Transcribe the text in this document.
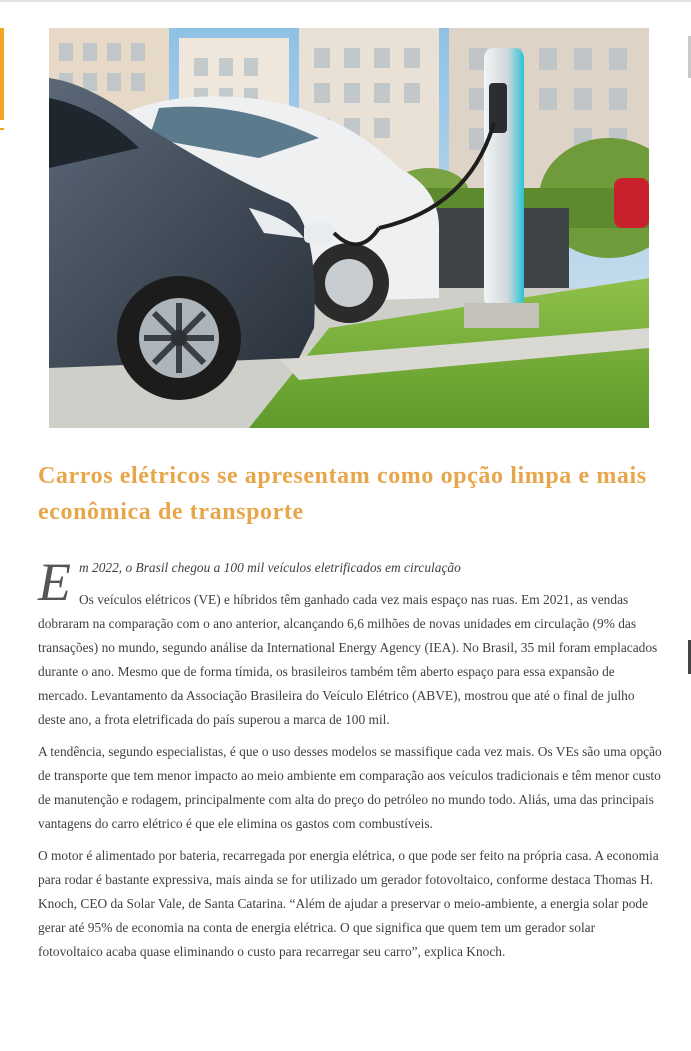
Carros elétricos se apresentam como opção limpa e mais econômica de transporte
E m 2022, o Brasil chegou a 100 mil veículos eletrificados em circulação

Os veículos elétricos (VE) e híbridos têm ganhado cada vez mais espaço nas ruas. Em 2021, as vendas dobraram na comparação com o ano anterior, alcançando 6,6 milhões de novas unidades em circulação (9% das transações) no mundo, segundo análise da International Energy Agency (IEA). No Brasil, 35 mil foram emplacados durante o ano. Mesmo que de forma tímida, os brasileiros também têm aberto espaço para essa expansão de mercado. Levantamento da Associação Brasileira do Veículo Elétrico (ABVE), mostrou que até o final de julho deste ano, a frota eletrificada do país superou a marca de 100 mil.

A tendência, segundo especialistas, é que o uso desses modelos se massifique cada vez mais. Os VEs são uma opção de transporte que tem menor impacto ao meio ambiente em comparação aos veículos tradicionais e têm menor custo de manutenção e rodagem, principalmente com alta do preço do petróleo no mundo todo. Aliás, uma das principais vantagens do carro elétrico é que ele elimina os gastos com combustíveis.

O motor é alimentado por bateria, recarregada por energia elétrica, o que pode ser feito na própria casa. A economia para rodar é bastante expressiva, mais ainda se for utilizado um gerador fotovoltaico, conforme destaca Thomas H. Knoch, CEO da Solar Vale, de Santa Catarina. “Além de ajudar a preservar o meio-ambiente, a energia solar pode gerar até 95% de economia na conta de energia elétrica. O que significa que quem tem um gerador solar fotovoltaico acaba quase eliminando o custo para recarregar seu carro”, explica Knoch.
